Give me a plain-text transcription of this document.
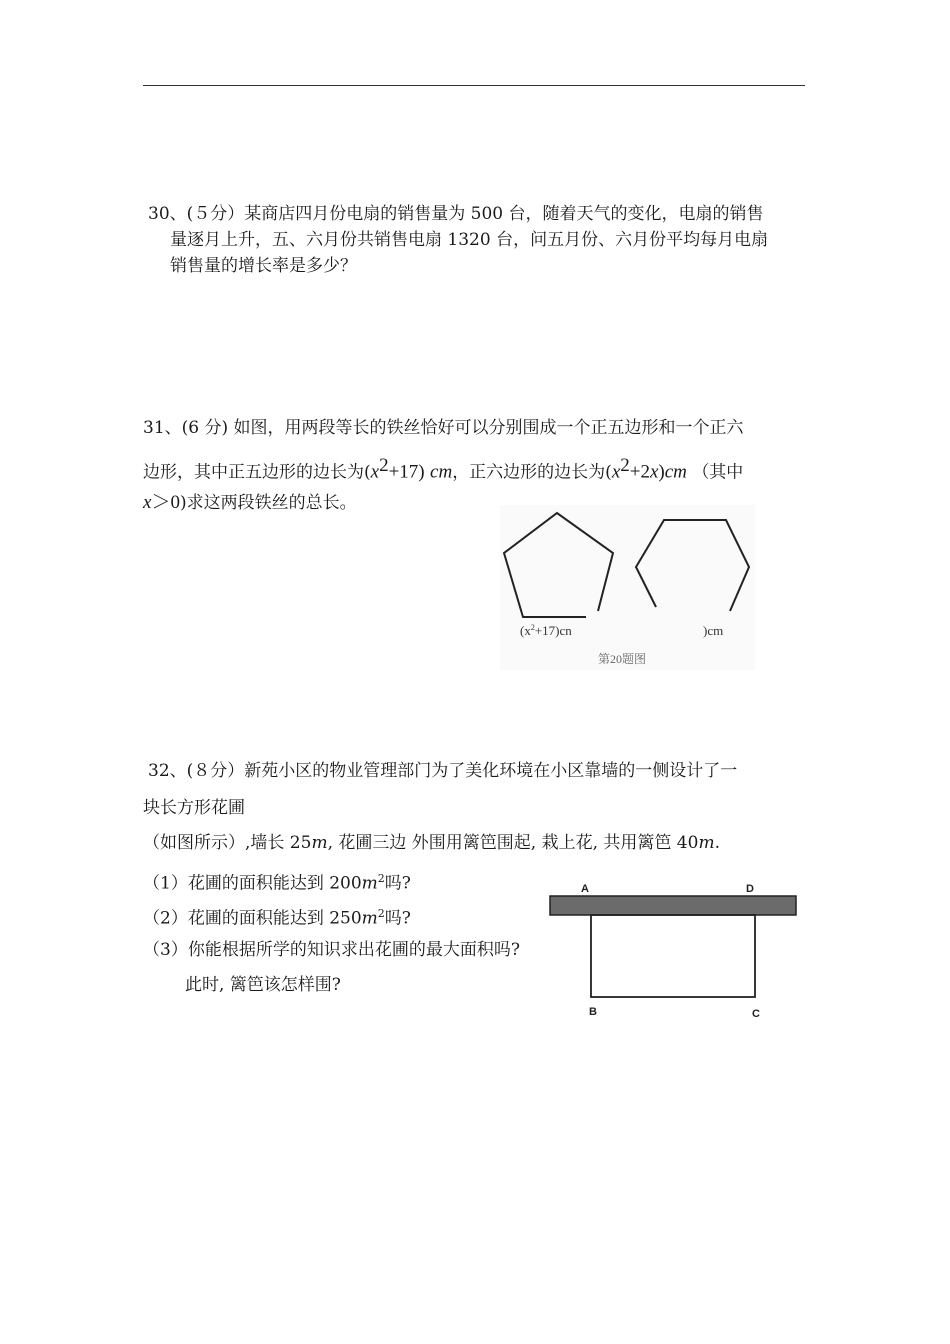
30、(５分）某商店四月份电扇的销售量为 500 台，随着天气的变化，电扇的销售
量逐月上升，五、六月份共销售电扇 1320 台，问五月份、六月份平均每月电扇
销售量的增长率是多少？
31、(6 分) 如图，用两段等长的铁丝恰好可以分别围成一个正五边形和一个正六
边形，其中正五边形的边长为$(x^2+17)$ cm，正六边形的边长为$(x^2+2x)cm$ （其中
x＞0)求这两段铁丝的总长。
$(x^2+17)cn$	)cm
第20题图
32、(８分）新苑小区的物业管理部门为了美化环境在小区靠墙的一侧设计了一
块长方形花圃
（如图所示）,墙长 25m, 花圃三边 外围用篱笆围起, 栽上花, 共用篱笆 40m.
（1）花圃的面积能达到 $200m^2$吗?
（2）花圃的面积能达到 $250m^2$吗?
（3）你能根据所学的知识求出花圃的最大面积吗?
此时, 篱笆该怎样围?
A	D
B	C
